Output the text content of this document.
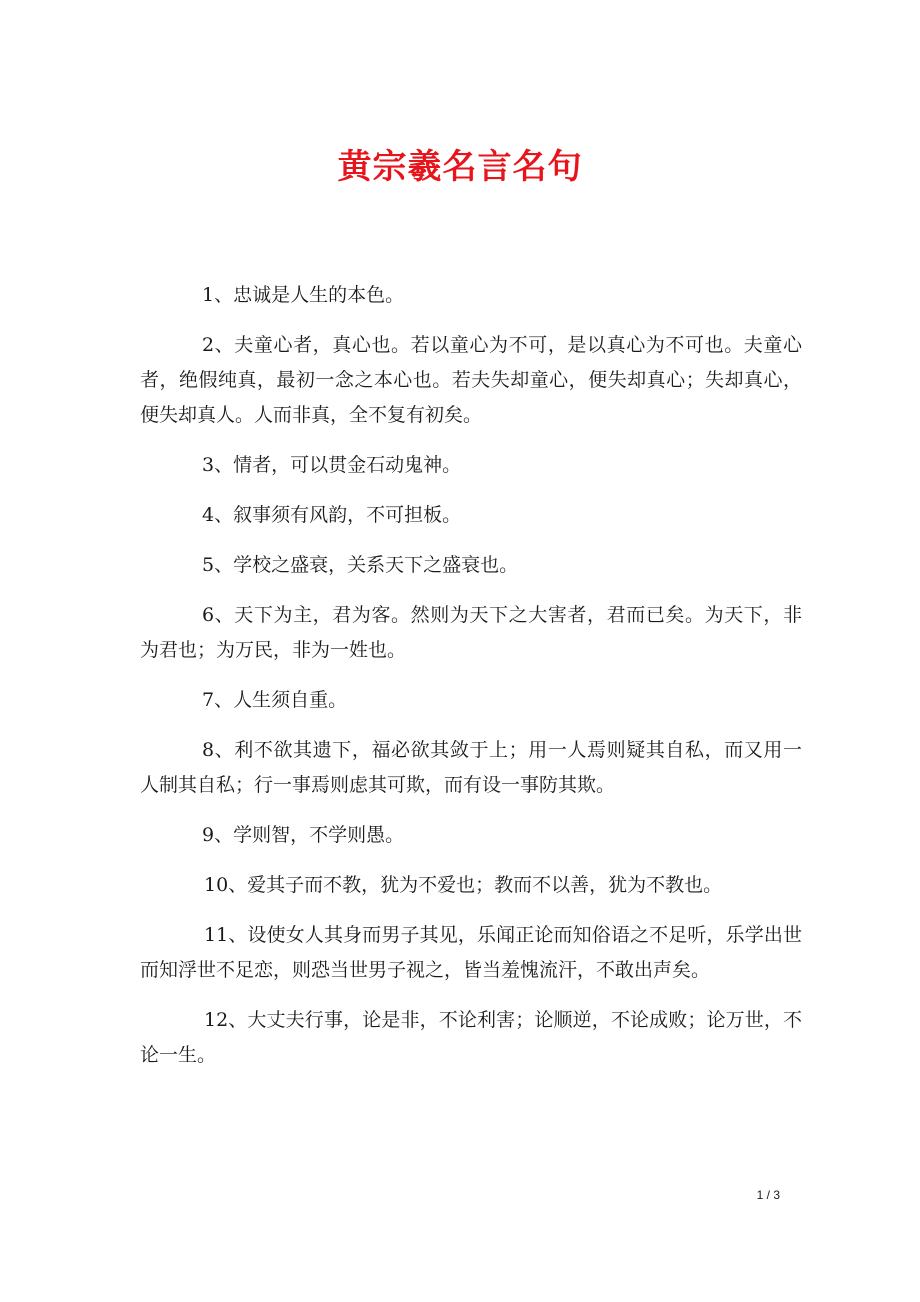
黄宗羲名言名句

1、忠诚是人生的本色。

2、夫童心者，真心也。若以童心为不可，是以真心为不可也。夫童心者，绝假纯真，最初一念之本心也。若夫失却童心，便失却真心；失却真心，便失却真人。人而非真，全不复有初矣。

3、情者，可以贯金石动鬼神。

4、叙事须有风韵，不可担板。

5、学校之盛衰，关系天下之盛衰也。

6、天下为主，君为客。然则为天下之大害者，君而已矣。为天下，非为君也；为万民，非为一姓也。

7、人生须自重。

8、利不欲其遗下，福必欲其敛于上；用一人焉则疑其自私，而又用一人制其自私；行一事焉则虑其可欺，而有设一事防其欺。

9、学则智，不学则愚。

10、爱其子而不教，犹为不爱也；教而不以善，犹为不教也。

11、设使女人其身而男子其见，乐闻正论而知俗语之不足听，乐学出世而知浮世不足恋，则恐当世男子视之，皆当羞愧流汗，不敢出声矣。

12、大丈夫行事，论是非，不论利害；论顺逆，不论成败；论万世，不论一生。

1 / 3
